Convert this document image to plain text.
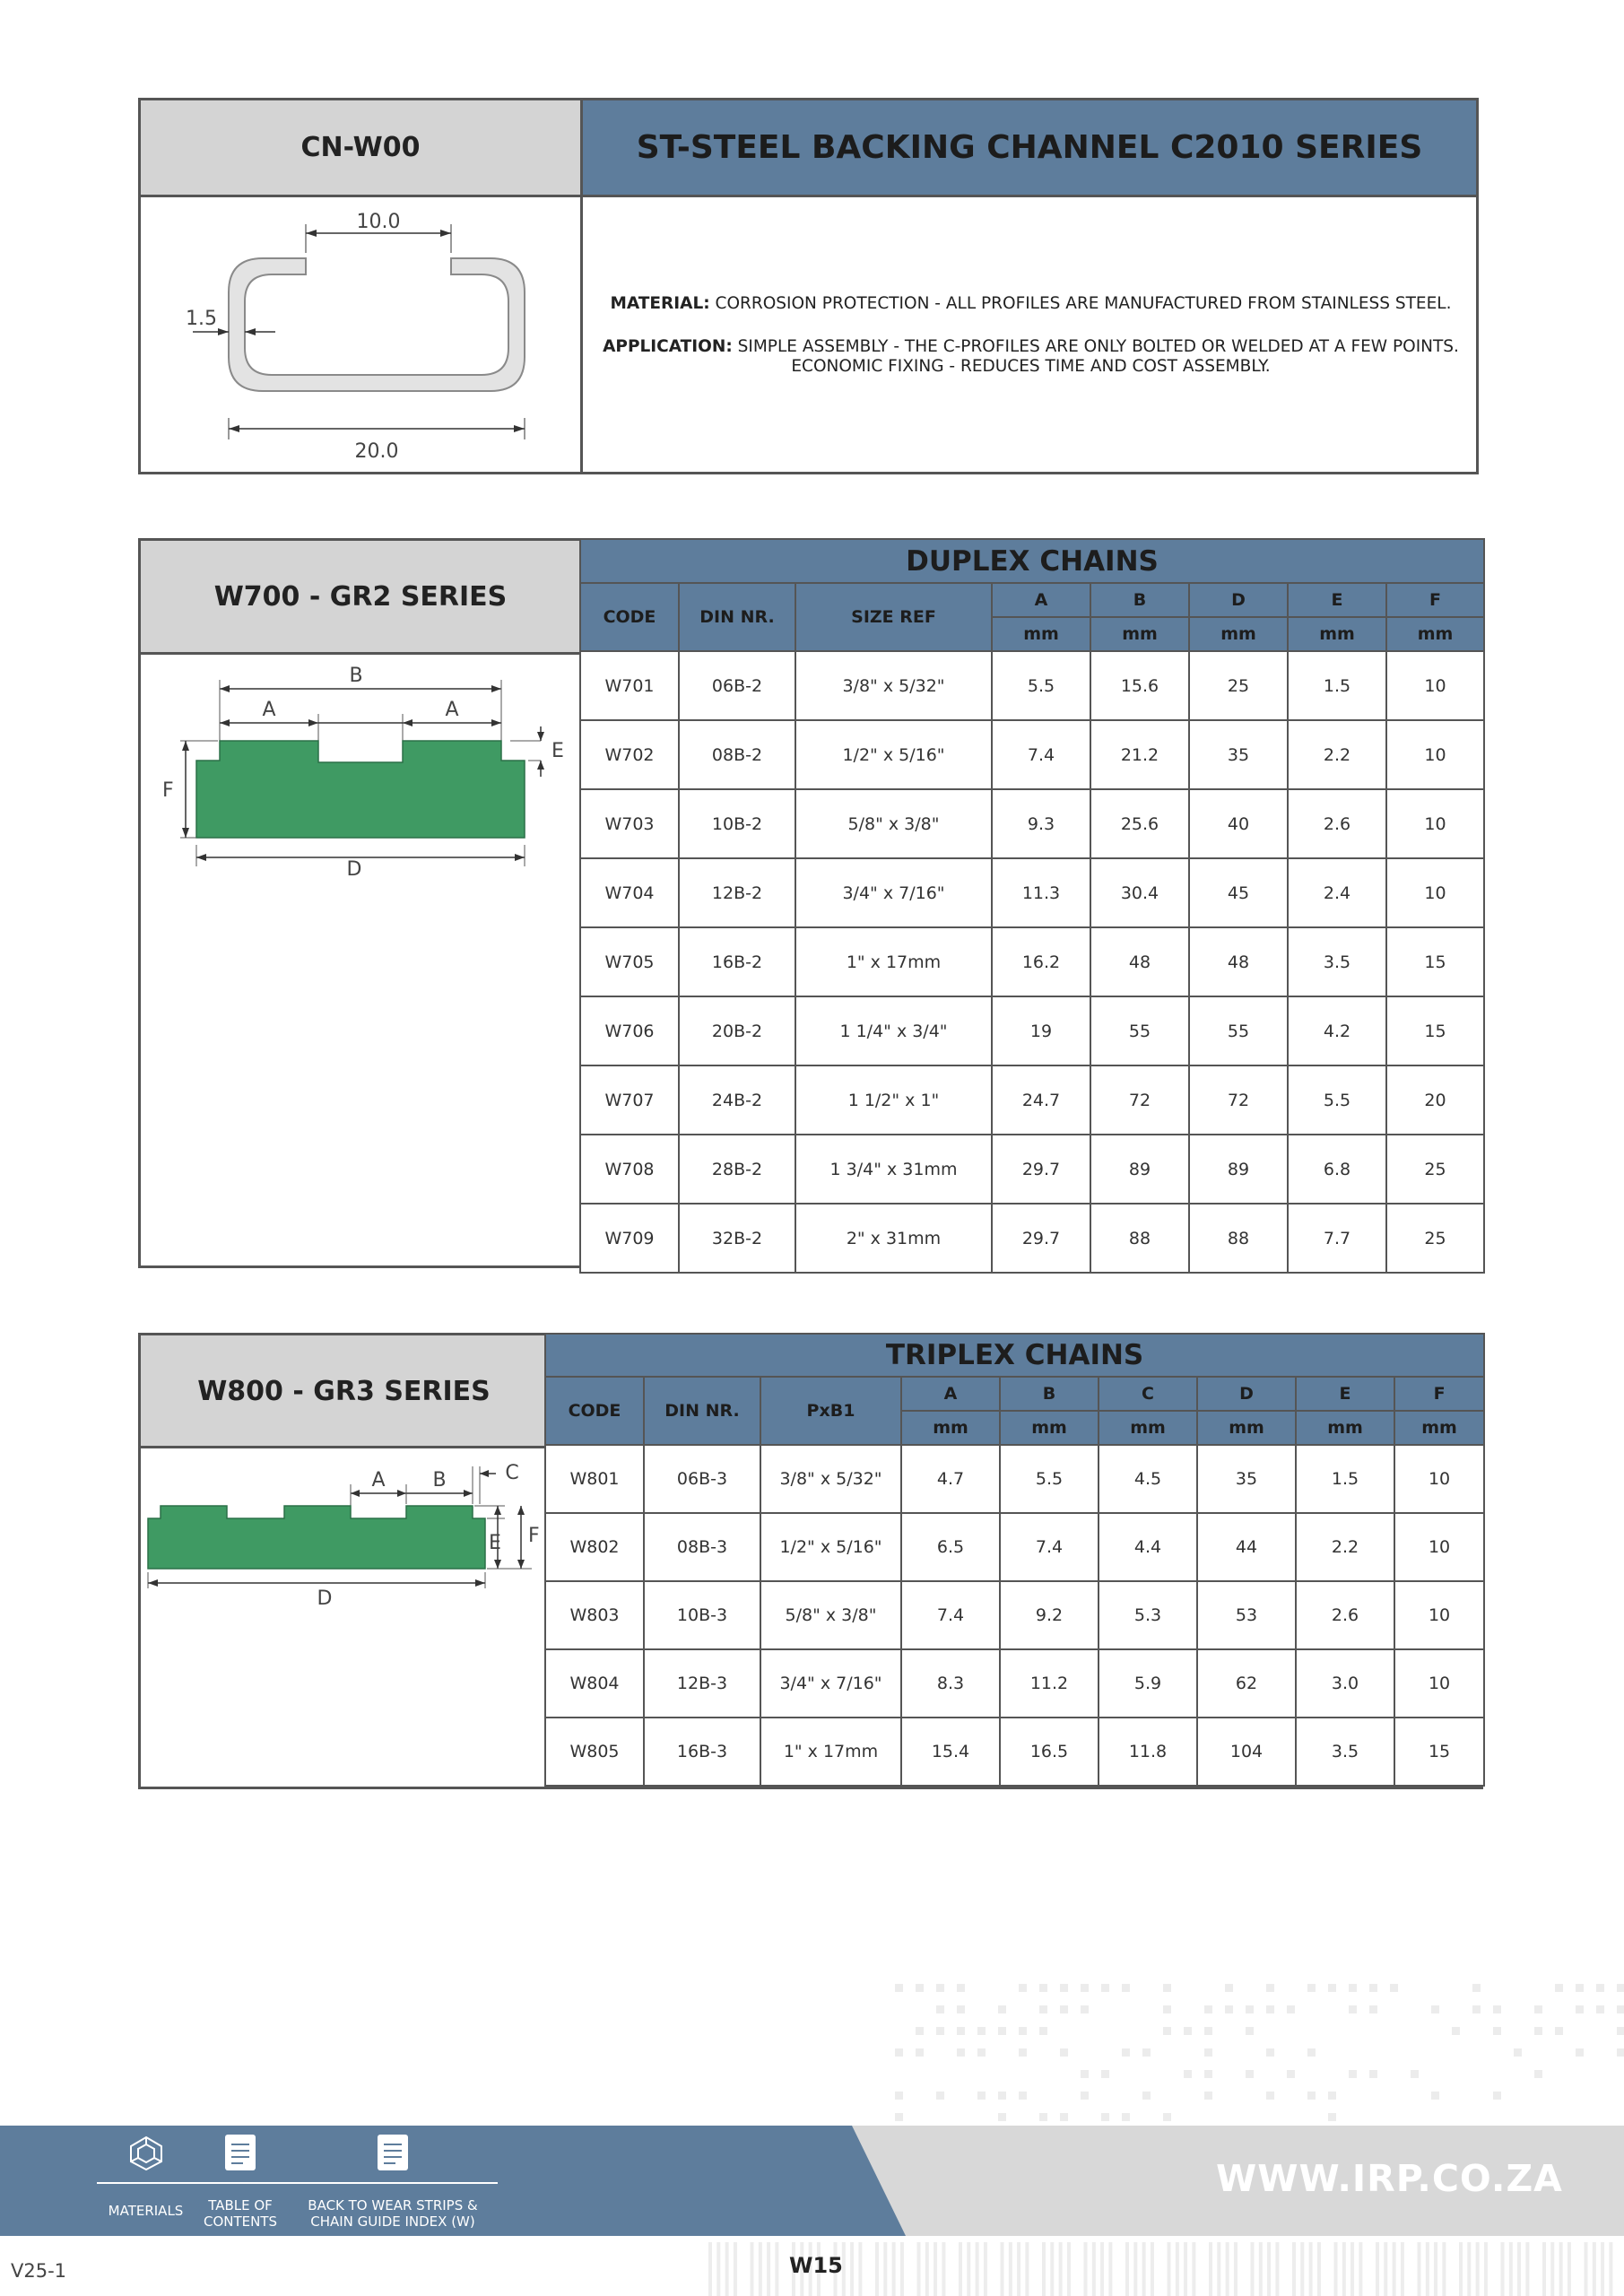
CN-W00	ST-STEEL BACKING CHANNEL C2010 SERIES
10.0
1.5
20.0
MATERIAL: CORROSION PROTECTION - ALL PROFILES ARE MANUFACTURED FROM STAINLESS STEEL.
APPLICATION: SIMPLE ASSEMBLY - THE C-PROFILES ARE ONLY BOLTED OR WELDED AT A FEW POINTS. ECONOMIC FIXING - REDUCES TIME AND COST ASSEMBLY.
W700 - GR2 SERIES
B
A	A
E
F
D
DUPLEX CHAINS							
CODE	DIN NR.	SIZE REF	A	B	D	E	F
			mm	mm	mm	mm	mm
W701	06B-2	3/8" x 5/32"	5.5	15.6	25	1.5	10
W702	08B-2	1/2" x 5/16"	7.4	21.2	35	2.2	10
W703	10B-2	5/8" x 3/8"	9.3	25.6	40	2.6	10
W704	12B-2	3/4" x 7/16"	11.3	30.4	45	2.4	10
W705	16B-2	1" x 17mm	16.2	48	48	3.5	15
W706	20B-2	1 1/4" x 3/4"	19	55	55	4.2	15
W707	24B-2	1 1/2" x 1"	24.7	72	72	5.5	20
W708	28B-2	1 3/4" x 31mm	29.7	89	89	6.8	25
W709	32B-2	2" x 31mm	29.7	88	88	7.7	25
W800 - GR3 SERIES
A B	C
E F
D
TRIPLEX CHAINS								
CODE	DIN NR.	PxB1	A	B	C	D	E	F
			mm	mm	mm	mm	mm	mm
W801	06B-3	3/8" x 5/32"	4.7	5.5	4.5	35	1.5	10
W802	08B-3	1/2" x 5/16"	6.5	7.4	4.4	44	2.2	10
W803	10B-3	5/8" x 3/8"	7.4	9.2	5.3	53	2.6	10
W804	12B-3	3/4" x 7/16"	8.3	11.2	5.9	62	3.0	10
W805	16B-3	1" x 17mm	15.4	16.5	11.8	104	3.5	15
MATERIALS	TABLE OF
CONTENTS
BACK TO WEAR STRIPS &
CHAIN GUIDE INDEX (W)
WWW.IRP.CO.ZA
V25-1	W15
